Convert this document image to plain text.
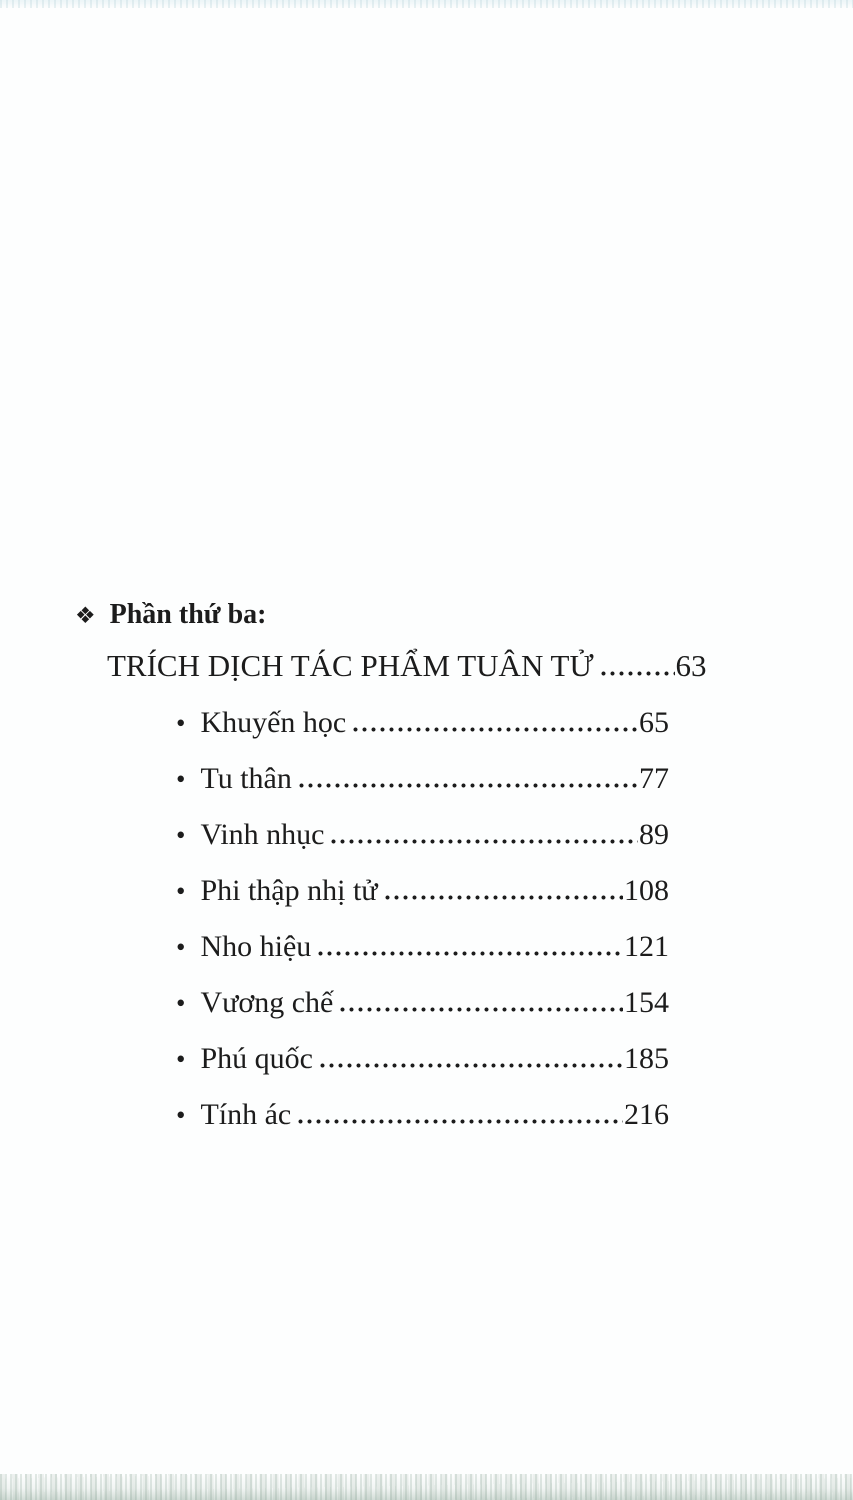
❖ Phần thứ ba:
TRÍCH DỊCH TÁC PHẨM TUÂN TỬ	63
• Khuyến học	65
• Tu thân	77
• Vinh nhục	89
• Phi thập nhị tử	108
• Nho hiệu	121
• Vương chế	154
• Phú quốc	185
• Tính ác	216
